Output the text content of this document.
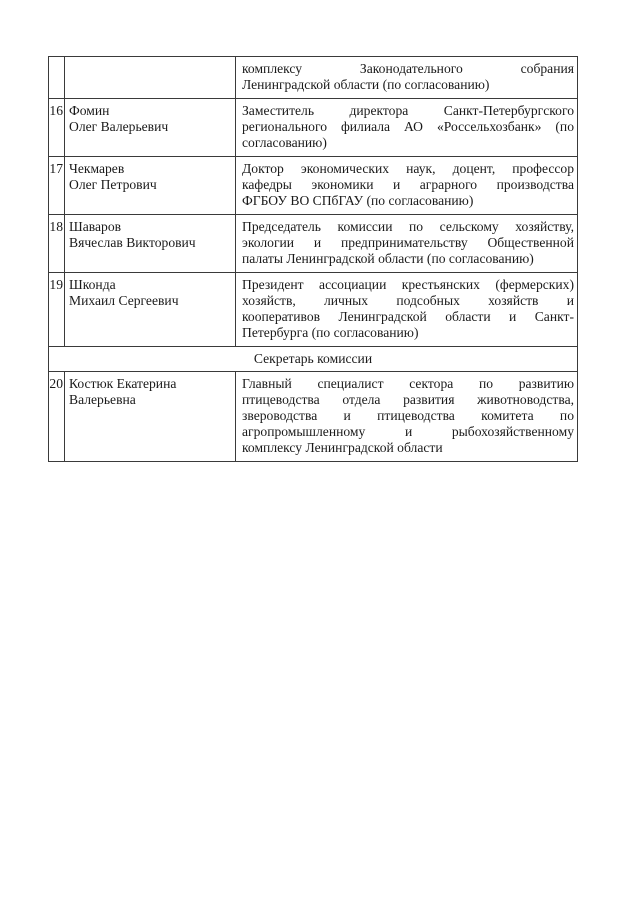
		комплексу Законодательного собрания
Ленинградской области (по согласованию)

16	Фомин
Олег Валерьевич	Заместитель директора Санкт-Петербургского
регионального филиала АО «Россельхозбанк» (по
согласованию)

17	Чекмарев
Олег Петрович	Доктор экономических наук, доцент, профессор
кафедры экономики и аграрного производства
ФГБОУ ВО СПбГАУ (по согласованию)

18	Шаваров
Вячеслав Викторович	Председатель комиссии по сельскому хозяйству,
экологии и предпринимательству Общественной
палаты Ленинградской области (по согласованию)

19	Шконда
Михаил Сергеевич	Президент ассоциации крестьянских (фермерских)
хозяйств, личных подсобных хозяйств и
кооперативов Ленинградской области и Санкт-
Петербурга (по согласованию)

Секретарь комиссии		
20	Костюк Екатерина
Валерьевна	Главный специалист сектора по развитию
птицеводства отдела развития животноводства,
звероводства и птицеводства комитета по
агропромышленному и рыбохозяйственному
комплексу Ленинградской области
